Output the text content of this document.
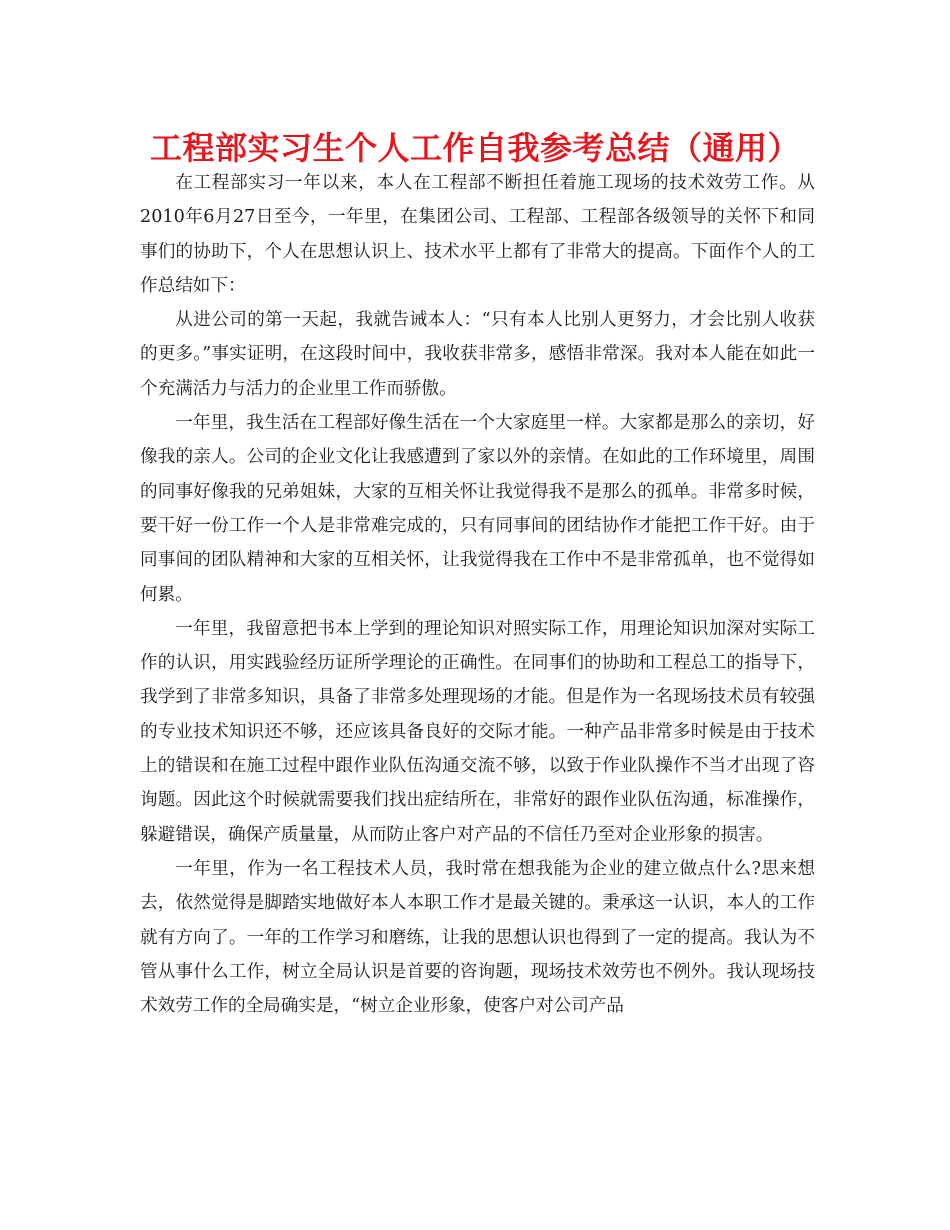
工程部实习生个人工作自我参考总结（通用）

在工程部实习一年以来，本人在工程部不断担任着施工现场的技术效劳工作。从2010年6月27日至今，一年里，在集团公司、工程部、工程部各级领导的关怀下和同事们的协助下，个人在思想认识上、技术水平上都有了非常大的提高。下面作个人的工作总结如下：

从进公司的第一天起，我就告诫本人：“只有本人比别人更努力，才会比别人收获的更多。”事实证明，在这段时间中，我收获非常多，感悟非常深。我对本人能在如此一个充满活力与活力的企业里工作而骄傲。

一年里，我生活在工程部好像生活在一个大家庭里一样。大家都是那么的亲切，好像我的亲人。公司的企业文化让我感遭到了家以外的亲情。在如此的工作环境里，周围的同事好像我的兄弟姐妹，大家的互相关怀让我觉得我不是那么的孤单。非常多时候，要干好一份工作一个人是非常难完成的，只有同事间的团结协作才能把工作干好。由于同事间的团队精神和大家的互相关怀，让我觉得我在工作中不是非常孤单，也不觉得如何累。

一年里，我留意把书本上学到的理论知识对照实际工作，用理论知识加深对实际工作的认识，用实践验经历证所学理论的正确性。在同事们的协助和工程总工的指导下，我学到了非常多知识，具备了非常多处理现场的才能。但是作为一名现场技术员有较强的专业技术知识还不够，还应该具备良好的交际才能。一种产品非常多时候是由于技术上的错误和在施工过程中跟作业队伍沟通交流不够，以致于作业队操作不当才出现了咨询题。因此这个时候就需要我们找出症结所在，非常好的跟作业队伍沟通，标准操作，躲避错误，确保产质量量，从而防止客户对产品的不信任乃至对企业形象的损害。

一年里，作为一名工程技术人员，我时常在想我能为企业的建立做点什么?思来想去，依然觉得是脚踏实地做好本人本职工作才是最关键的。秉承这一认识，本人的工作就有方向了。一年的工作学习和磨练，让我的思想认识也得到了一定的提高。我认为不管从事什么工作，树立全局认识是首要的咨询题，现场技术效劳也不例外。我认现场技术效劳工作的全局确实是，“树立企业形象，使客户对公司产品
